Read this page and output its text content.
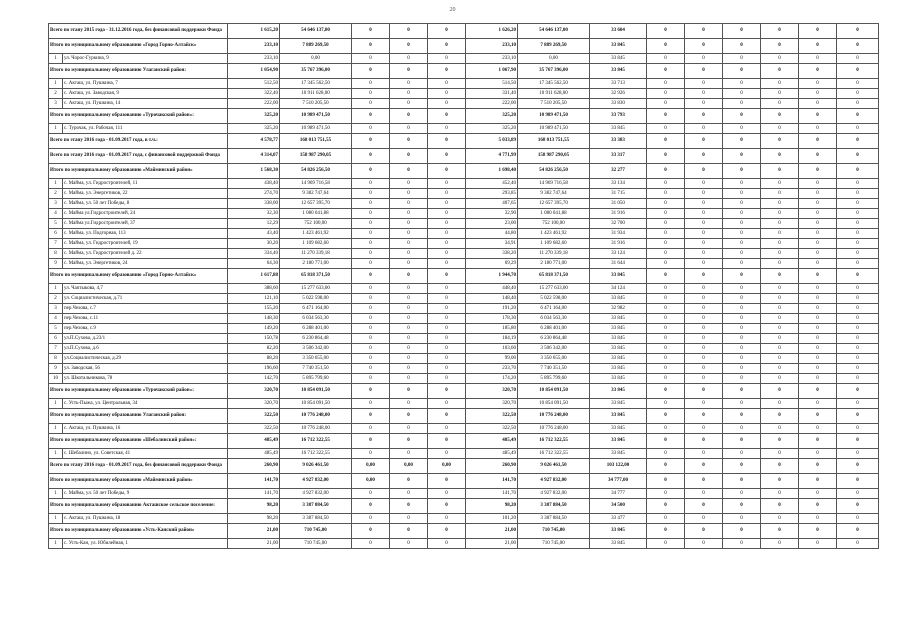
20
Всего по этапу 2015 года - 31.12.2016 года, без финансовой поддержки Фонда		1 615,20	54 646 137,00	0	0	0	1 626,20	54 646 137,00	33 604	0	0	0	0	0	0
Итого по муниципальному образованию «Город Горно-Алтайск»		233,10	7 889 269,50	0	0	0	233,10	7 889 269,50	33 845	0	0	0	0	0	0
1	ул. Чорос-Гуркина, 9	233,10	0,00	0	0	0	233,10	0,00	33 845	0	0	0	0	0	0
Итого по муниципальному образованию Улаганский район:		1 054,90	35 767 396,00	0	0	0	1 067,90	35 767 396,00	33 845	0	0	0	0	0	0
1	с. Акташ, ул. Пушкина, 7	512,50	17 345 562,50	0	0	0	514,50	17 345 562,50	33 713	0	0	0	0	0	0
2	с. Акташ, ул. Заводская, 9	322,40	10 911 628,00	0	0	0	331,40	10 911 628,00	32 926	0	0	0	0	0	0
3	с. Акташ, ул. Пушкина, 14	222,00	7 510 205,50	0	0	0	222,00	7 510 205,50	33 830	0	0	0	0	0	0
Итого по муниципальному образованию «Турочакский район»:		325,20	10 989 471,50	0	0	0	325,20	10 989 471,50	33 793	0	0	0	0	0	0
1	с. Турочак, ул. Рабочая, 111	325,20	10 989 471,50	0	0	0	325,20	10 989 471,50	33 845	0	0	0	0	0	0
Всего по этапу 2016 года - 01.09.2017 года, в т.ч.:		4 578,77	168 013 751,55	0	0	0	5 033,89	168 013 751,55	33 383	0	0	0	0	0	0
Всего по этапу 2016 года - 01.09.2017 года, с финансовой поддержкой Фонда		4 314,07	158 987 290,05	0	0	0	4 771,99	158 987 290,05	33 317	0	0	0	0	0	0
Итого по муниципальному образованию «Майминский район»		1 568,30	54 826 256,50	0	0	0	1 698,40	54 826 256,50	32 277	0	0	0	0	0	0
1	с. Майма, ул. Гидростроителей, 11	438,40	14 969 716,58	0	0	0	452,40	14 969 716,58	33 134	0	0	0	0	0	0
2	с. Майма, ул. Энергетиков, 22	274,70	9 382 747,64	0	0	0	293,85	9 382 747,64	31 715	0	0	0	0	0	0
3	с. Майма, ул. 50 лет Победы, 8	338,00	12 657 395,70	0	0	0	407,65	12 657 395,70	31 050	0	0	0	0	0	0
4	с. Майма ул.Гидростроителей, 24	32,30	1 080 041,88	0	0	0	32,90	1 080 041,88	31 916	0	0	0	0	0	0
5	с. Майма ул.Гидростроителей, 37	12,29	752 100,00	0	0	0	23,00	752 100,00	32 700	0	0	0	0	0	0
6	с. Майма, ул. Подгорная, 113	43,40	1 423 461,92	0	0	0	44,80	1 423 461,92	31 934	0	0	0	0	0	0
7	с. Майма, ул. Гидростроителей, 19	30,20	1 109 682,60	0	0	0	34,91	1 109 682,60	31 916	0	0	0	0	0	0
8	с. Майма, ул. Гидростроителей д. 22	334,40	11 270 339,18	0	0	0	338,20	11 270 339,18	33 124	0	0	0	0	0	0
9	с. Майма, ул. Энергетиков, 24	64,30	2 180 771,00	0	0	0	69,29	2 180 771,00	31 644	0	0	0	0	0	0
Итого по муниципальному образованию «Город Горно-Алтайск»		1 617,88	65 818 371,50	0	0	0	1 944,70	65 818 371,50	33 845	0	0	0	0	0	0
1	ул. Чаптыкова, 4,7	388,60	15 277 633,00	0	0	0	448,40	15 277 633,00	34 124	0	0	0	0	0	0
2	ул. Социалистическая, д.71	121,10	5 022 598,00	0	0	0	148,40	5 022 598,00	33 845	0	0	0	0	0	0
3	пер.Чехова, с.7	155,20	6 471 164,00	0	0	0	191,20	6 471 164,00	32 982	0	0	0	0	0	0
4	пер.Чехова, с.11	148,30	6 034 563,30	0	0	0	178,30	6 034 563,30	33 845	0	0	0	0	0	0
5	пер.Чехова, с.9	149,20	6 288 401,00	0	0	0	185,80	6 288 401,00	33 845	0	0	0	0	0	0
6	ул.П.Сухова, д.23/1	150,78	6 230 864,48	0	0	0	184,19	6 230 864,48	33 845	0	0	0	0	0	0
7	ул.П.Сухова, д.6	82,20	3 506 342,00	0	0	0	103,60	3 506 342,00	33 845	0	0	0	0	0	0
8	ул.Социалистическая, д.29	88,20	3 350 655,00	0	0	0	99,00	3 350 655,00	33 845	0	0	0	0	0	0
9	ул. Заводская, 56	196,60	7 740 351,50	0	0	0	233,70	7 740 351,50	33 845	0	0	0	0	0	0
10	ул. Шкотальникова, 78	142,70	5 895 799,60	0	0	0	174,20	5 895 799,60	33 845	0	0	0	0	0	0
Итого по муниципальному образованию «Турочакский район»:		320,70	10 854 091,50	0	0	0	320,70	10 854 091,50	33 845	0	0	0	0	0	0
1	с. Усть-Пыжа, ул. Центральная, 34	320,70	10 854 091,50	0	0	0	320,70	10 854 091,50	33 845	0	0	0	0	0	0
Итого по муниципальному образованию Улаганский район:		322,50	10 776 248,00	0	0	0	322,50	10 776 248,00	33 845	0	0	0	0	0	0
1	с. Акташ, ул. Пушкина, 16	322,50	10 776 248,00	0	0	0	322,50	10 776 248,00	33 845	0	0	0	0	0	0
Итого по муниципальному образованию «Шебалинский район»:		485,49	16 712 322,55	0	0	0	485,49	16 712 322,55	33 845	0	0	0	0	0	0
1	с. Шебалино, ул. Советская, 41	485,49	16 712 322,55	0	0	0	485,49	16 712 322,55	33 845	0	0	0	0	0	0
Всего по этапу 2016 года - 01.09.2017 года, без финансовой поддержки Фонда		260,90	9 026 461,50	0,00	0,00	0,00	260,90	9 026 461,50	103 122,00	0	0	0	0	0	0
Итого по муниципальному образованию «Майминский район»		141,70	4 927 832,00	0,00	0	0	141,70	4 927 832,00	34 777,00	0	0	0	0	0	0
1	с. Майма, ул. 50 лет Победы, 9	141,70	4 927 832,00	0	0	0	141,70	4 927 832,00	34 777	0	0	0	0	0	0
Итого по муниципальному образованию Акташское сельское поселение:		98,20	3 387 884,50	0	0	0	98,20	3 387 884,50	34 500	0	0	0	0	0	0
1	с. Акташ, ул. Пушкина, 18	98,20	3 387 884,50	0	0	0	101,20	3 387 884,50	33 477	0	0	0	0	0	0
Итого по муниципальному образованию «Усть-Канский район»		21,00	710 745,00	0	0	0	21,00	710 745,00	33 845	0	0	0	0	0	0
1	с. Усть-Кан, ул. Юбилейная, 1	21,00	710 745,00	0	0	0	21,00	710 745,00	33 845	0	0	0	0	0	0
